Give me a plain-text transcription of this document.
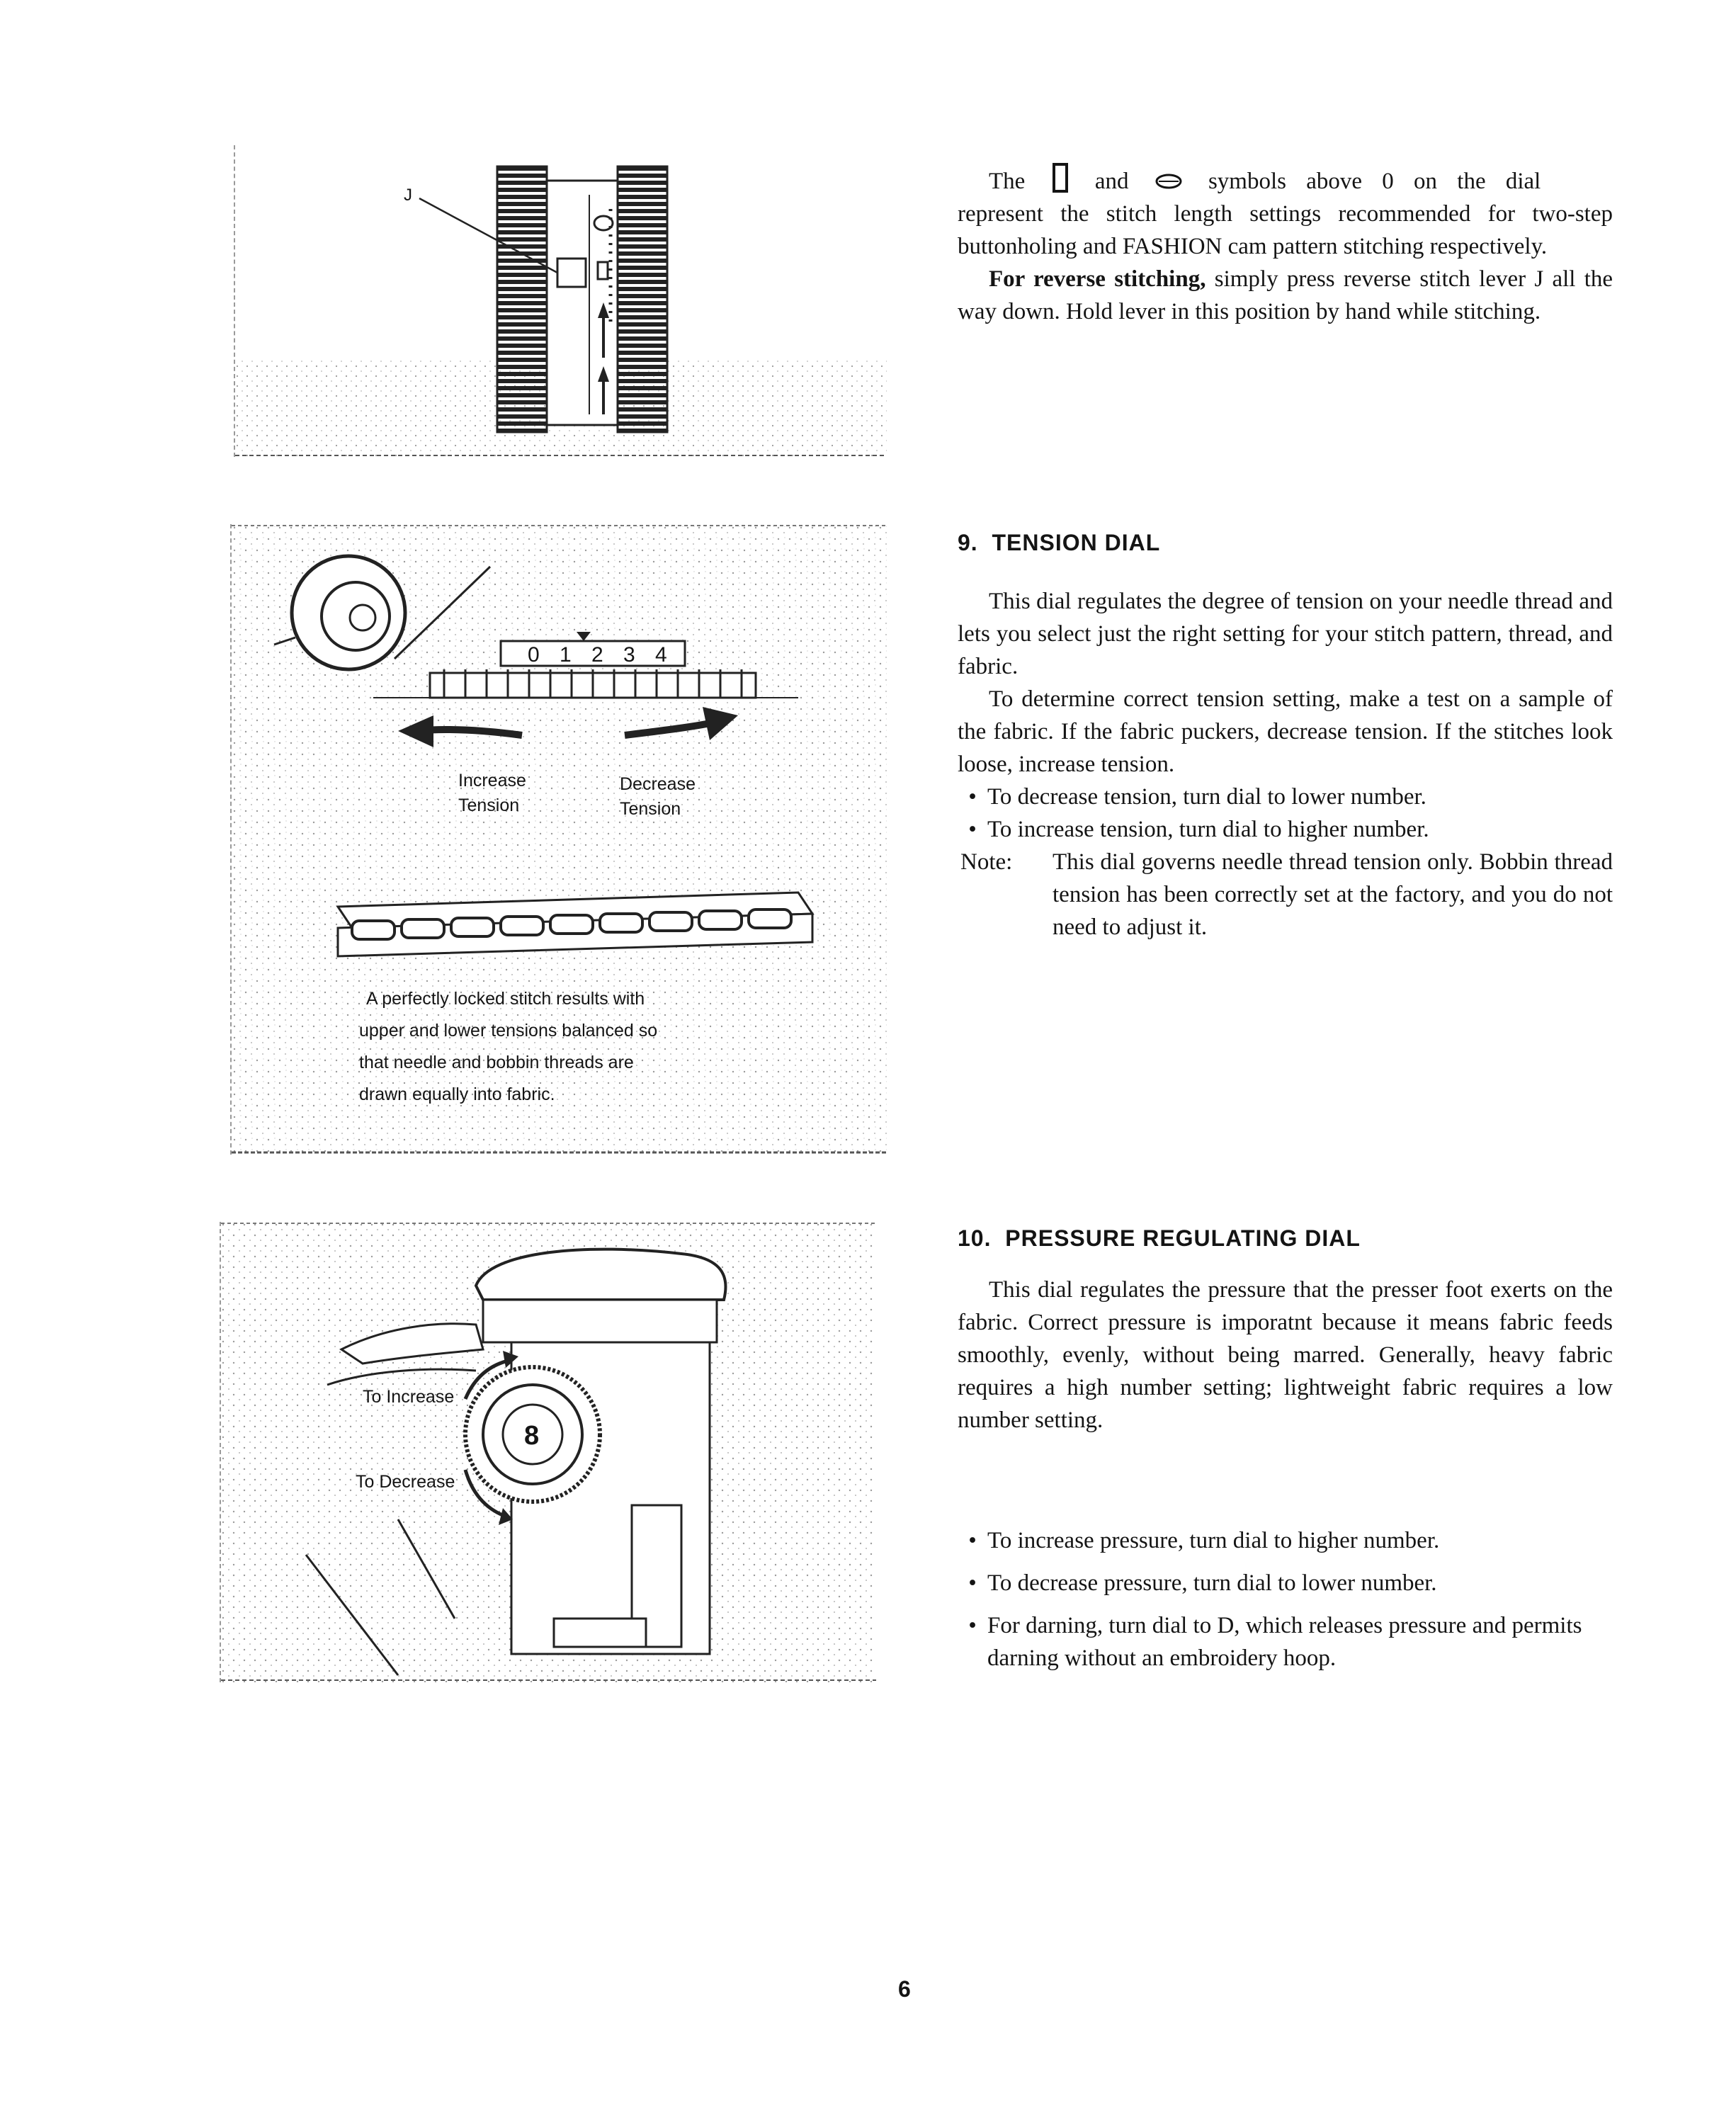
J

The	and	symbols above 0 on the dial

represent the stitch length settings recommended for two-step buttonholing and FASHION cam pattern stitching respectively.

For reverse stitching, simply press reverse stitch lever J all the way down. Hold lever in this position by hand while stitching.

0 1 2 3 4
Increase
Tension
Decrease
Tension
A perfectly locked stitch results with
upper and lower tensions balanced so
that needle and bobbin threads are
drawn equally into fabric.
9.  TENSION DIAL

This dial regulates the degree of tension on your needle thread and lets you select just the right setting for your stitch pattern, thread, and fabric.

To determine correct tension setting, make a test on a sample of the fabric. If the fabric puckers, decrease tension. If the stitches look loose, increase tension.

• To decrease tension, turn dial to lower number.
• To increase tension, turn dial to higher number.
Note:	This dial governs needle thread tension only. Bobbin thread tension has been correctly set at the factory, and you do not need to adjust it.
8
To Increase
To Decrease
10.  PRESSURE REGULATING DIAL

This dial regulates the pressure that the presser foot exerts on the fabric. Correct pressure is imporatnt because it means fabric feeds smoothly, evenly, without being marred. Generally, heavy fabric requires a high number setting; lightweight fabric requires a low number setting.

• To increase pressure, turn dial to higher number.
• To decrease pressure, turn dial to lower number.
• For darning, turn dial to D, which releases pressure and permits darning without an embroidery hoop.
6
